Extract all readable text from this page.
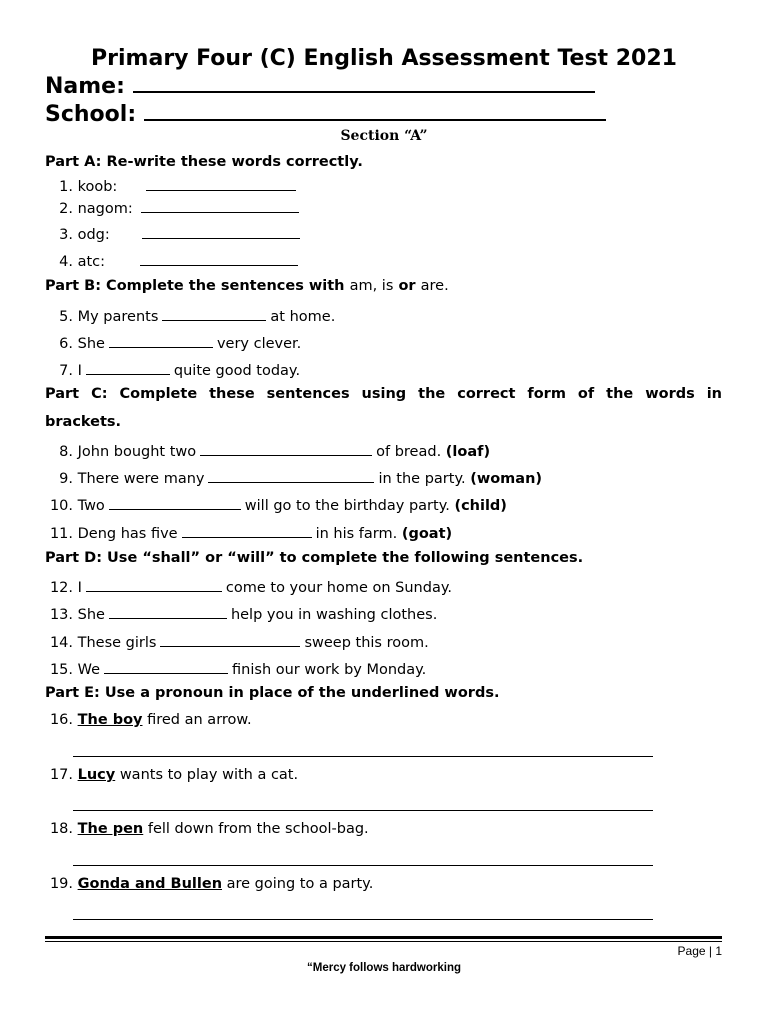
Primary Four (C) English Assessment Test 2021
Name:
School:
Section “A”
Part A: Re-write these words correctly.
1. koob:
2. nagom:
3. odg:
4. atc:
Part B: Complete the sentences with am, is or are.
5. My parents	at home.
6. She	very clever.
7. I	quite good today.
Part C: Complete these sentences using the correct form of the words in
brackets.
8. John bought two	of bread. (loaf)
9. There were many	in the party. (woman)
10. Two	will go to the birthday party. (child)
11. Deng has five	in his farm. (goat)
Part D: Use “shall” or “will” to complete the following sentences.
12. I	come to your home on Sunday.
13. She	help you in washing clothes.
14. These girls	sweep this room.
15. We	finish our work by Monday.
Part E: Use a pronoun in place of the underlined words.
16. The boy fired an arrow.
17. Lucy wants to play with a cat.
18. The pen fell down from the school-bag.
19. Gonda and Bullen are going to a party.
Page | 1
“Mercy follows hardworking
